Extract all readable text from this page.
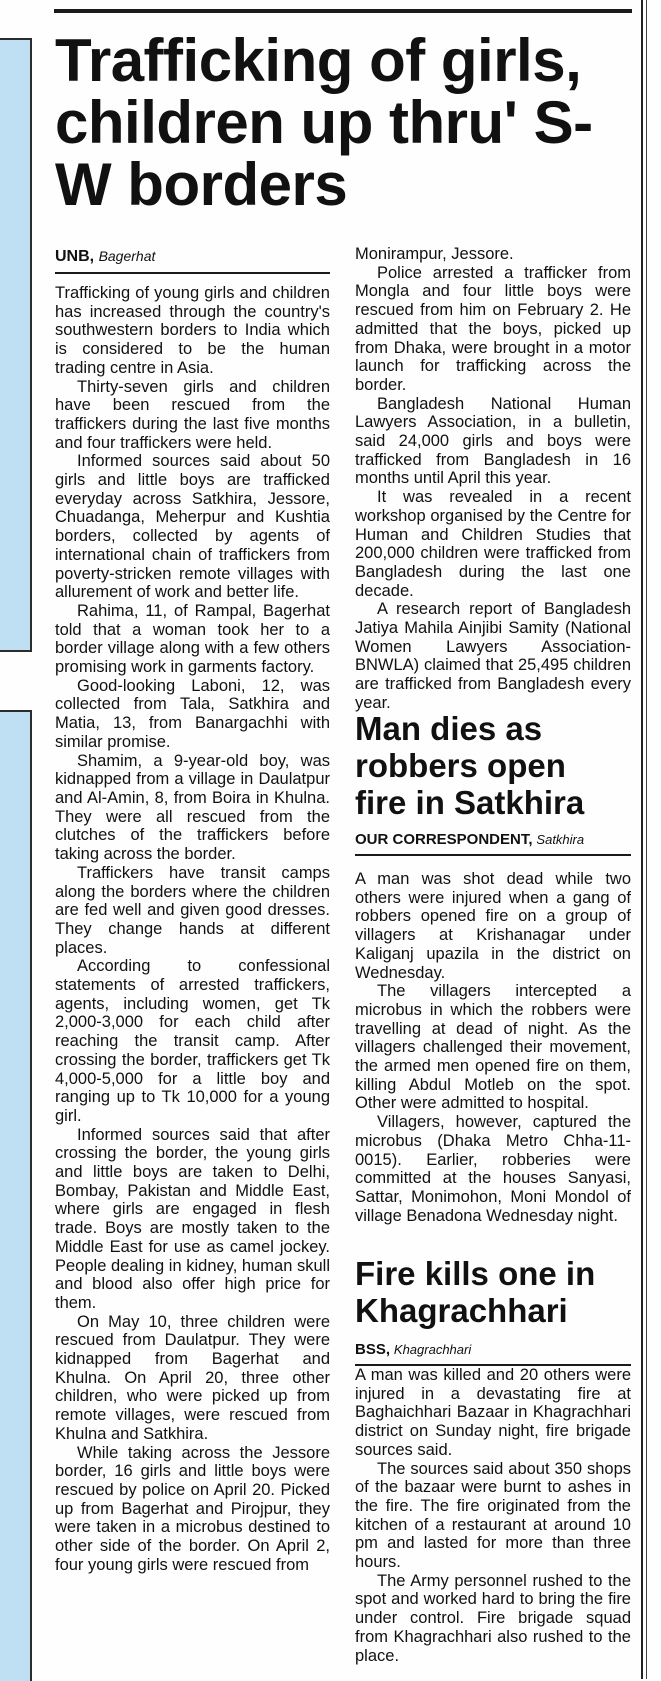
Trafficking of girls, children up thru' S-W borders
UNB, Bagerhat

Trafficking of young girls and children has increased through the country's southwestern borders to India which is considered to be the human trading centre in Asia.

Thirty-seven girls and children have been rescued from the traffickers during the last five months and four traffickers were held.

Informed sources said about 50 girls and little boys are trafficked everyday across Satkhira, Jessore, Chuadanga, Meherpur and Kushtia borders, collected by agents of international chain of traffickers from poverty-stricken remote villages with allurement of work and better life.

Rahima, 11, of Rampal, Bagerhat told that a woman took her to a border village along with a few others promising work in garments factory.

Good-looking Laboni, 12, was collected from Tala, Satkhira and Matia, 13, from Banargachhi with similar promise.

Shamim, a 9-year-old boy, was kidnapped from a village in Daulatpur and Al-Amin, 8, from Boira in Khulna. They were all rescued from the clutches of the traffickers before taking across the border.

Traffickers have transit camps along the borders where the children are fed well and given good dresses. They change hands at different places.

According to confessional statements of arrested traffickers, agents, including women, get Tk 2,000-3,000 for each child after reaching the transit camp. After crossing the border, traffickers get Tk 4,000-5,000 for a little boy and ranging up to Tk 10,000 for a young girl.

Informed sources said that after crossing the border, the young girls and little boys are taken to Delhi, Bombay, Pakistan and Middle East, where girls are engaged in flesh trade. Boys are mostly taken to the Middle East for use as camel jockey. People dealing in kidney, human skull and blood also offer high price for them.

On May 10, three children were rescued from Daulatpur. They were kidnapped from Bagerhat and Khulna. On April 20, three other children, who were picked up from remote villages, were rescued from Khulna and Satkhira.

While taking across the Jessore border, 16 girls and little boys were rescued by police on April 20. Picked up from Bagerhat and Pirojpur, they were taken in a microbus destined to other side of the border. On April 2, four young girls were rescued from

Monirampur, Jessore.

Police arrested a trafficker from Mongla and four little boys were rescued from him on February 2. He admitted that the boys, picked up from Dhaka, were brought in a motor launch for trafficking across the border.

Bangladesh National Human Lawyers Association, in a bulletin, said 24,000 girls and boys were trafficked from Bangladesh in 16 months until April this year.

It was revealed in a recent workshop organised by the Centre for Human and Children Studies that 200,000 children were trafficked from Bangladesh during the last one decade.

A research report of Bangladesh Jatiya Mahila Ainjibi Samity (National Women Lawyers Association-BNWLA) claimed that 25,495 children are trafficked from Bangladesh every year.

Man dies as robbers open fire in Satkhira
OUR CORRESPONDENT, Satkhira

A man was shot dead while two others were injured when a gang of robbers opened fire on a group of villagers at Krishanagar under Kaliganj upazila in the district on Wednesday.

The villagers intercepted a microbus in which the robbers were travelling at dead of night. As the villagers challenged their movement, the armed men opened fire on them, killing Abdul Motleb on the spot. Other were admitted to hospital.

Villagers, however, captured the microbus (Dhaka Metro Chha-11-0015). Earlier, robberies were committed at the houses Sanyasi, Sattar, Monimohon, Moni Mondol of village Benadona Wednesday night.

Fire kills one in Khagrachhari
BSS, Khagrachhari

A man was killed and 20 others were injured in a devastating fire at Baghaichhari Bazaar in Khagrachhari district on Sunday night, fire brigade sources said.

The sources said about 350 shops of the bazaar were burnt to ashes in the fire. The fire originated from the kitchen of a restaurant at around 10 pm and lasted for more than three hours.

The Army personnel rushed to the spot and worked hard to bring the fire under control. Fire brigade squad from Khagrachhari also rushed to the place.
